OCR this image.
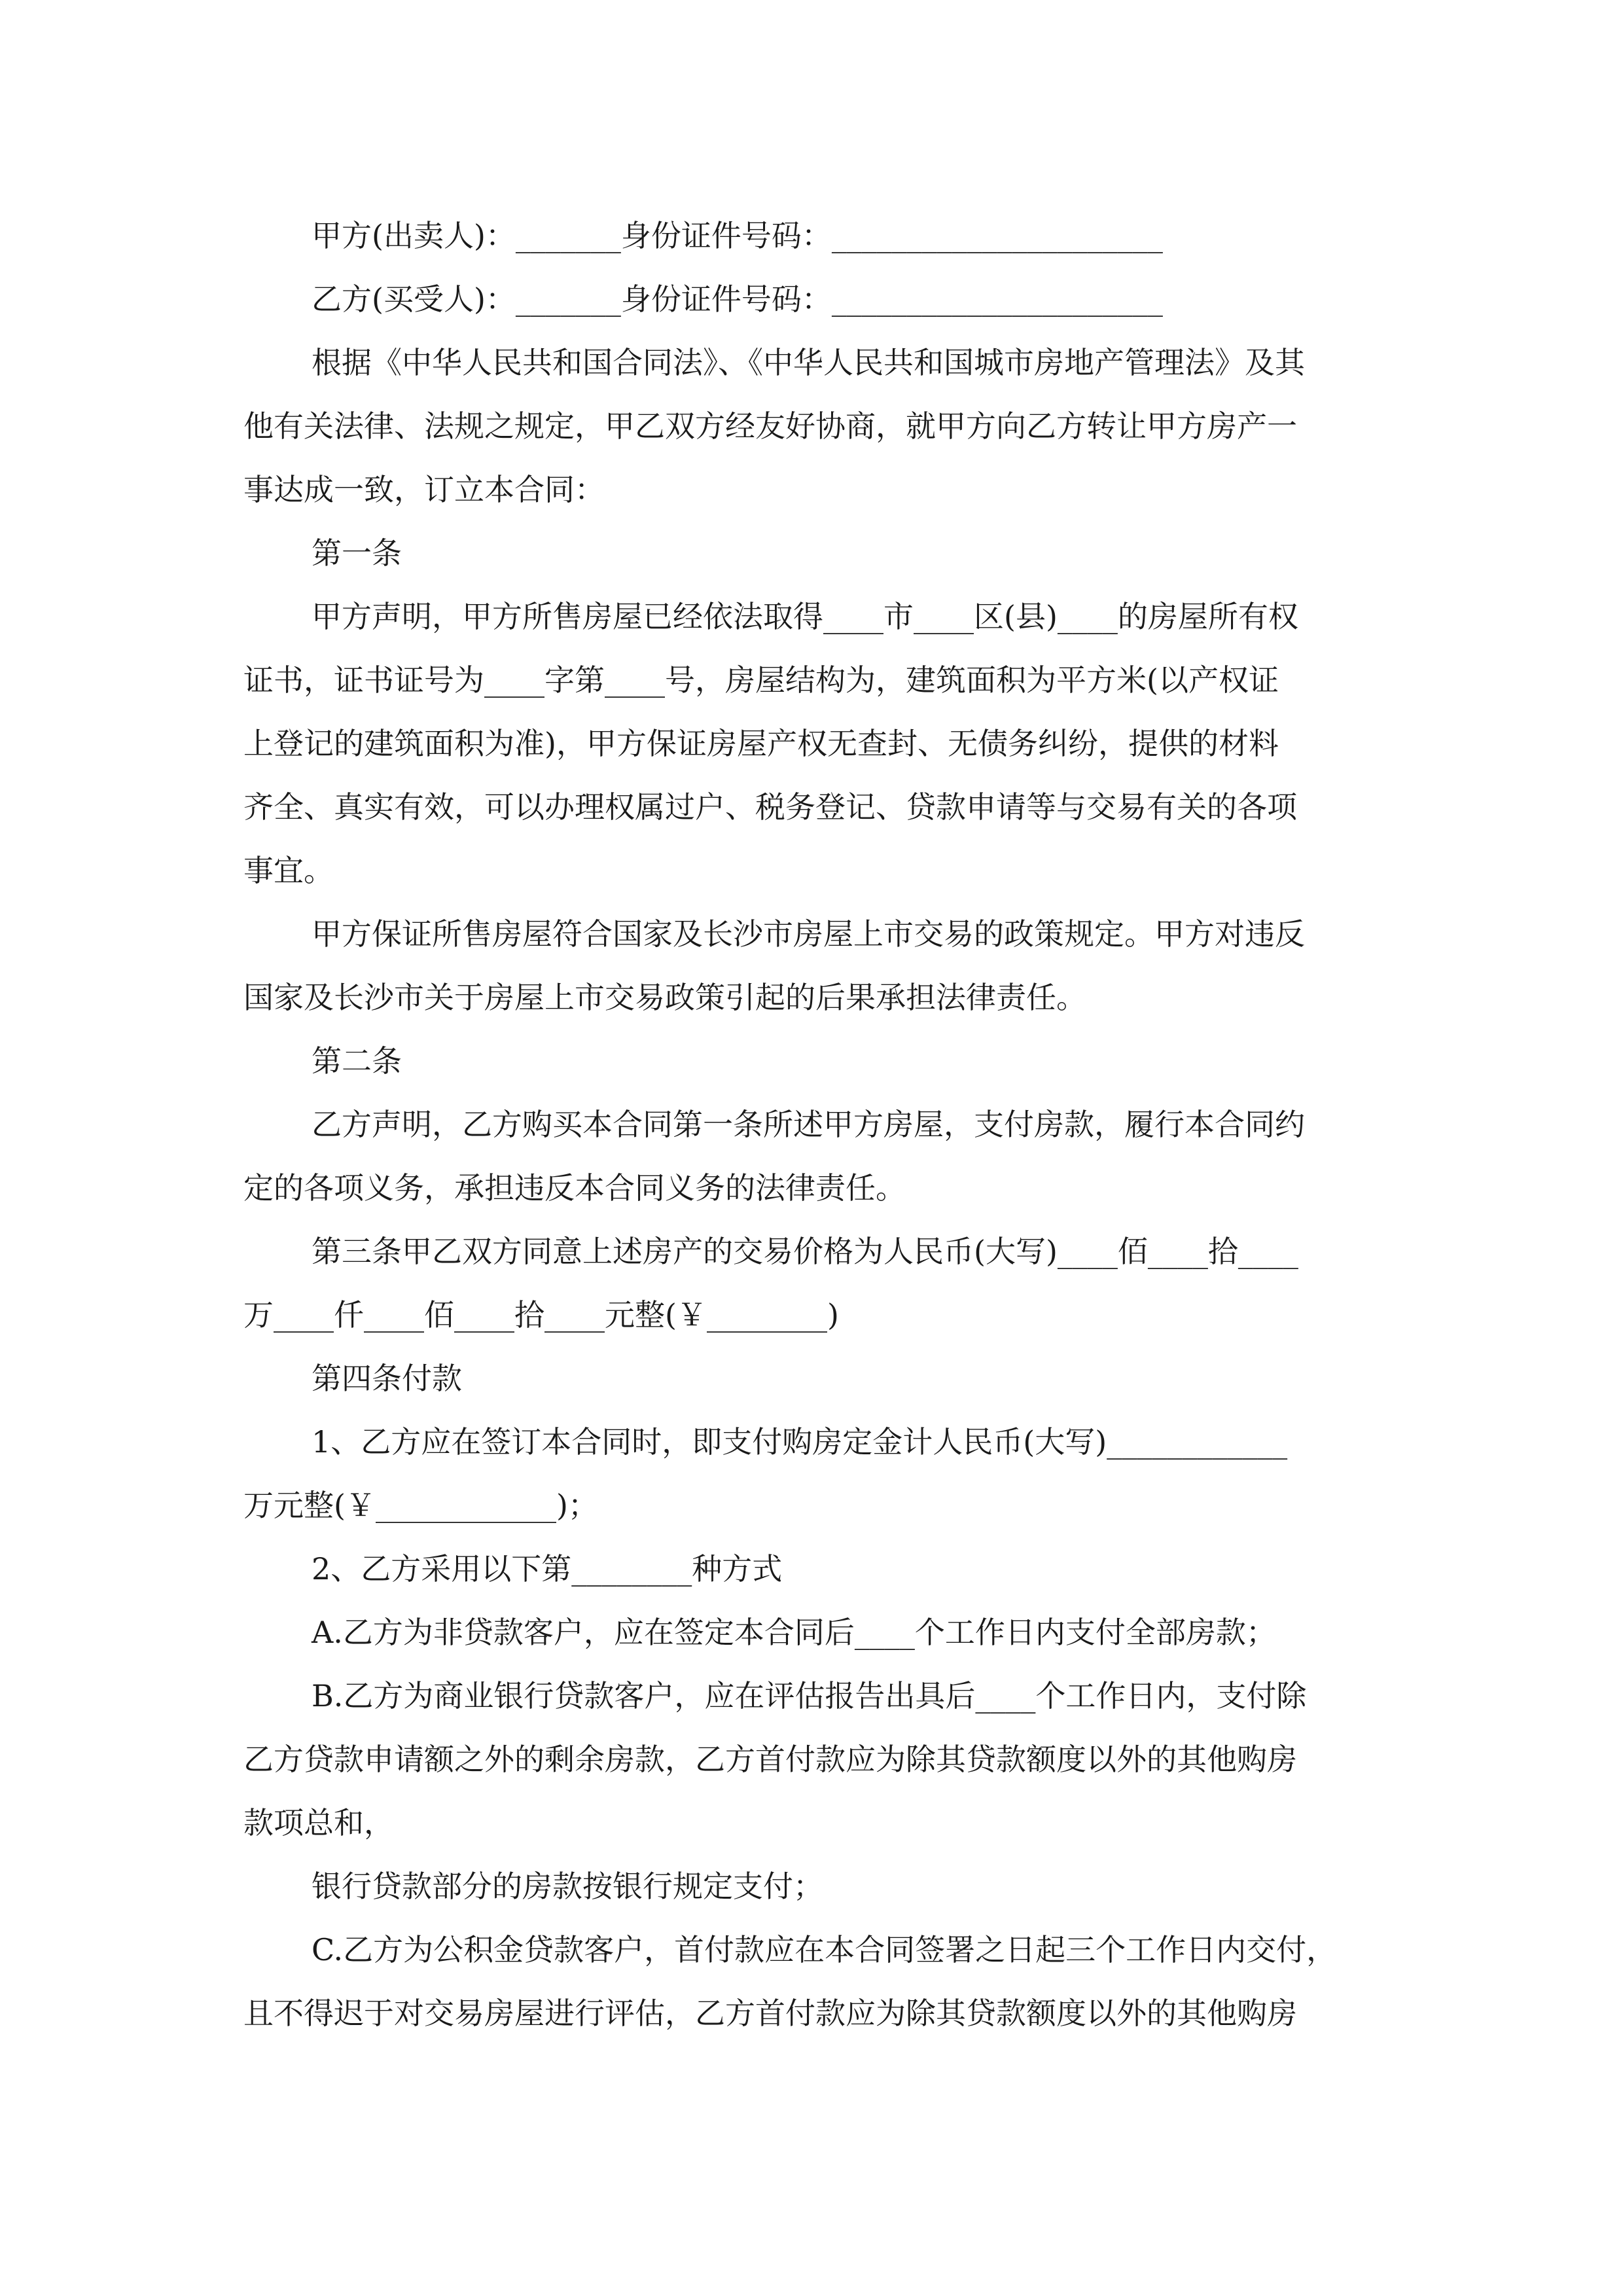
甲方(出卖人)：_______身份证件号码：______________________
乙方(买受人)：_______身份证件号码：______________________
根据《中华人民共和国合同法》、《中华人民共和国城市房地产管理法》及其
他有关法律、法规之规定，甲乙双方经友好协商，就甲方向乙方转让甲方房产一
事达成一致，订立本合同：
第一条
甲方声明，甲方所售房屋已经依法取得____市____区(县)____的房屋所有权
证书，证书证号为____字第____号，房屋结构为，建筑面积为平方米(以产权证
上登记的建筑面积为准)，甲方保证房屋产权无查封、无债务纠纷，提供的材料
齐全、真实有效，可以办理权属过户、税务登记、贷款申请等与交易有关的各项
事宜。
甲方保证所售房屋符合国家及长沙市房屋上市交易的政策规定。甲方对违反
国家及长沙市关于房屋上市交易政策引起的后果承担法律责任。
第二条
乙方声明，乙方购买本合同第一条所述甲方房屋，支付房款，履行本合同约
定的各项义务，承担违反本合同义务的法律责任。
第三条甲乙双方同意上述房产的交易价格为人民币(大写)____佰____拾____
万____仟____佰____拾____元整(￥________)
第四条付款
1、乙方应在签订本合同时，即支付购房定金计人民币(大写)____________
万元整(￥____________)；
2、乙方采用以下第________种方式
A.乙方为非贷款客户，应在签定本合同后____个工作日内支付全部房款；
B.乙方为商业银行贷款客户，应在评估报告出具后____个工作日内，支付除
乙方贷款申请额之外的剩余房款，乙方首付款应为除其贷款额度以外的其他购房
款项总和，
银行贷款部分的房款按银行规定支付；
C.乙方为公积金贷款客户，首付款应在本合同签署之日起三个工作日内交付，
且不得迟于对交易房屋进行评估，乙方首付款应为除其贷款额度以外的其他购房
